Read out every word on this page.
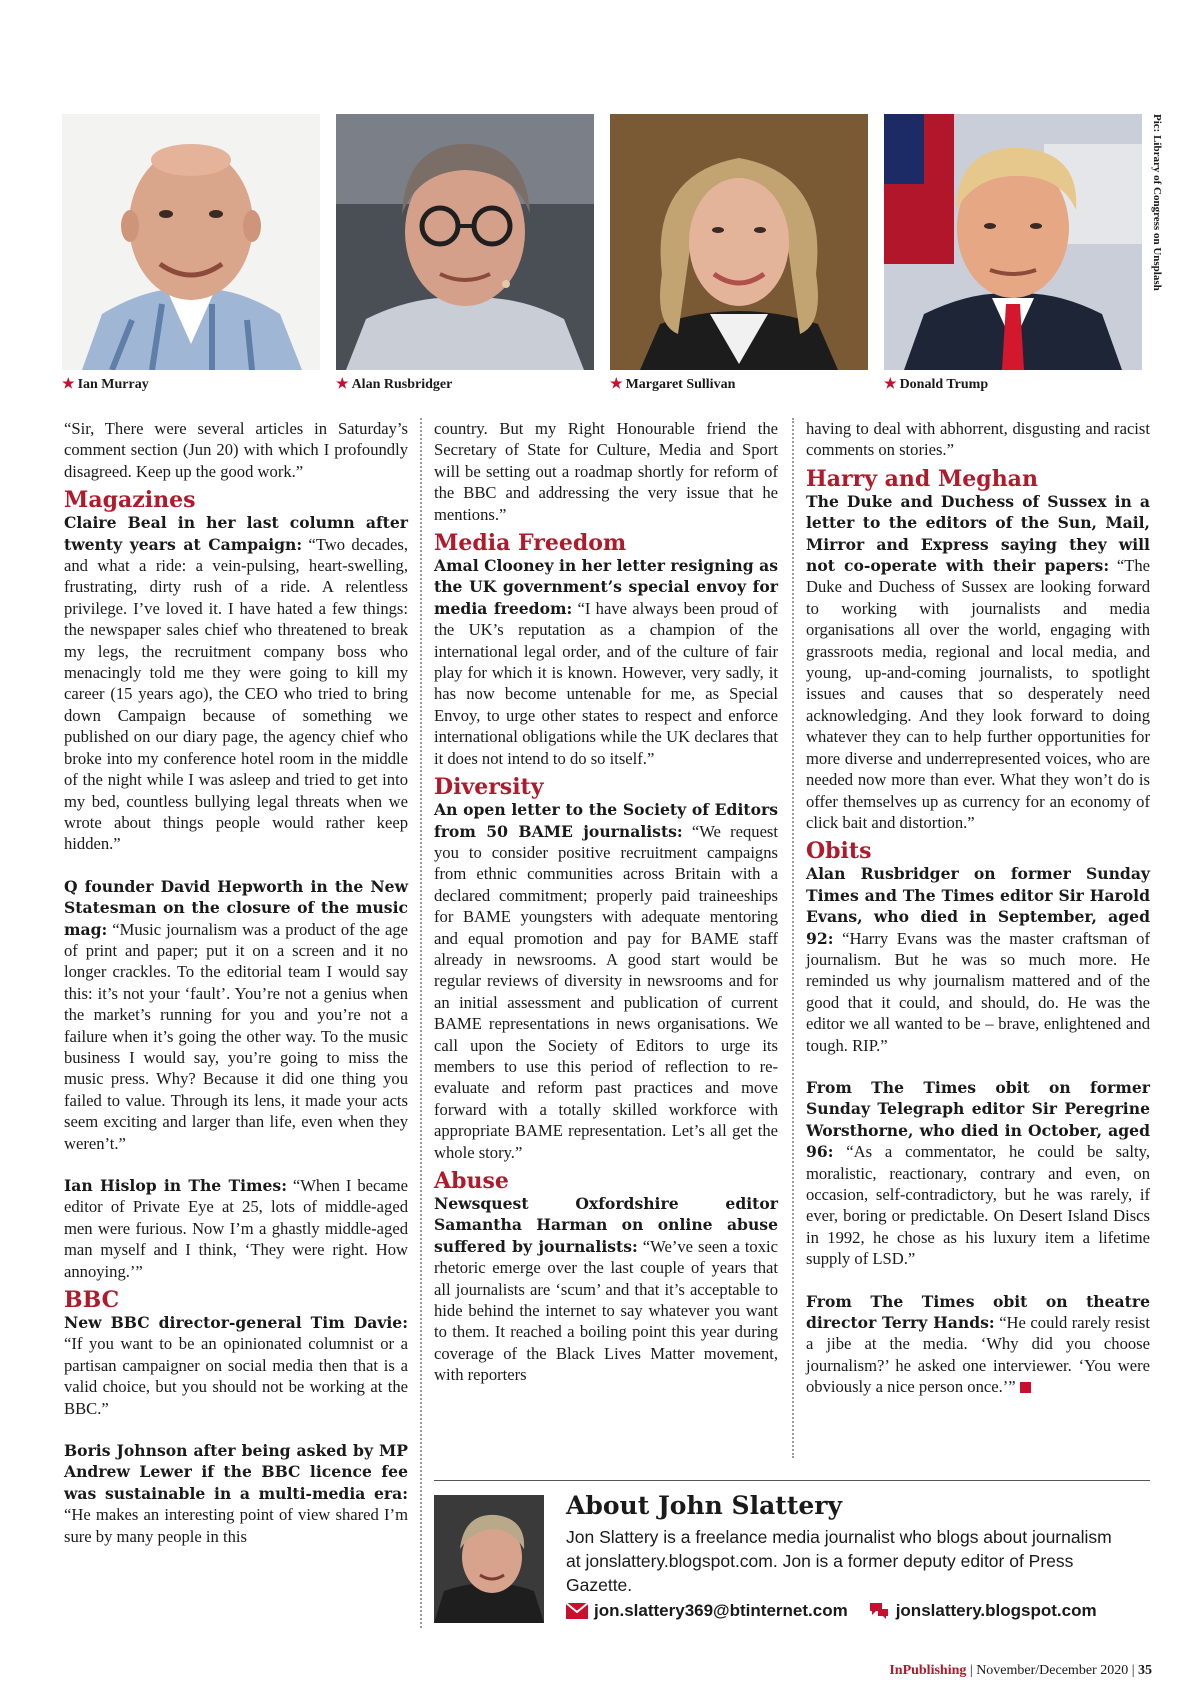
Pic: Library of Congress on Unsplash
★ Ian Murray	★ Alan Rusbridger	★ Margaret Sullivan	★ Donald Trump

“Sir, There were several articles in Saturday’s comment section (Jun 20) with which I profoundly disagreed. Keep up the good work.”

Magazines

Claire Beal in her last column after twenty years at Campaign: “Two decades, and what a ride: a vein-pulsing, heart-swelling, frustrating, dirty rush of a ride. A relentless privilege. I’ve loved it. I have hated a few things: the newspaper sales chief who threatened to break my legs, the recruitment company boss who menacingly told me they were going to kill my career (15 years ago), the CEO who tried to bring down Campaign because of something we published on our diary page, the agency chief who broke into my conference hotel room in the middle of the night while I was asleep and tried to get into my bed, countless bullying legal threats when we wrote about things people would rather keep hidden.”

Q founder David Hepworth in the New Statesman on the closure of the music mag: “Music journalism was a product of the age of print and paper; put it on a screen and it no longer crackles. To the editorial team I would say this: it’s not your ‘fault’. You’re not a genius when the market’s running for you and you’re not a failure when it’s going the other way. To the music business I would say, you’re going to miss the music press. Why? Because it did one thing you failed to value. Through its lens, it made your acts seem exciting and larger than life, even when they weren’t.”

Ian Hislop in The Times: “When I became editor of Private Eye at 25, lots of middle-aged men were furious. Now I’m a ghastly middle-aged man myself and I think, ‘They were right. How annoying.’”

BBC

New BBC director-general Tim Davie: “If you want to be an opinionated columnist or a partisan campaigner on social media then that is a valid choice, but you should not be working at the BBC.”

Boris Johnson after being asked by MP Andrew Lewer if the BBC licence fee was sustainable in a multi-media era: “He makes an interesting point of view shared I’m sure by many people in this

country. But my Right Honourable friend the Secretary of State for Culture, Media and Sport will be setting out a roadmap shortly for reform of the BBC and addressing the very issue that he mentions.”

Media Freedom

Amal Clooney in her letter resigning as the UK government’s special envoy for media freedom: “I have always been proud of the UK’s reputation as a champion of the international legal order, and of the culture of fair play for which it is known. However, very sadly, it has now become untenable for me, as Special Envoy, to urge other states to respect and enforce international obligations while the UK declares that it does not intend to do so itself.”

Diversity

An open letter to the Society of Editors from 50 BAME journalists: “We request you to consider positive recruitment campaigns from ethnic communities across Britain with a declared commitment; properly paid traineeships for BAME youngsters with adequate mentoring and equal promotion and pay for BAME staff already in newsrooms. A good start would be regular reviews of diversity in newsrooms and for an initial assessment and publication of current BAME representations in news organisations. We call upon the Society of Editors to urge its members to use this period of reflection to re-evaluate and reform past practices and move forward with a totally skilled workforce with appropriate BAME representation. Let’s all get the whole story.”

Abuse

Newsquest Oxfordshire editor Samantha Harman on online abuse suffered by journalists: “We’ve seen a toxic rhetoric emerge over the last couple of years that all journalists are ‘scum’ and that it’s acceptable to hide behind the internet to say whatever you want to them. It reached a boiling point this year during coverage of the Black Lives Matter movement, with reporters

having to deal with abhorrent, disgusting and racist comments on stories.”

Harry and Meghan

The Duke and Duchess of Sussex in a letter to the editors of the Sun, Mail, Mirror and Express saying they will not co-operate with their papers: “The Duke and Duchess of Sussex are looking forward to working with journalists and media organisations all over the world, engaging with grassroots media, regional and local media, and young, up-and-coming journalists, to spotlight issues and causes that so desperately need acknowledging. And they look forward to doing whatever they can to help further opportunities for more diverse and underrepresented voices, who are needed now more than ever. What they won’t do is offer themselves up as currency for an economy of click bait and distortion.”

Obits

Alan Rusbridger on former Sunday Times and The Times editor Sir Harold Evans, who died in September, aged 92: “Harry Evans was the master craftsman of journalism. But he was so much more. He reminded us why journalism mattered and of the good that it could, and should, do. He was the editor we all wanted to be – brave, enlightened and tough. RIP.”

From The Times obit on former Sunday Telegraph editor Sir Peregrine Worsthorne, who died in October, aged 96: “As a commentator, he could be salty, moralistic, reactionary, contrary and even, on occasion, self-contradictory, but he was rarely, if ever, boring or predictable. On Desert Island Discs in 1992, he chose as his luxury item a lifetime supply of LSD.”

From The Times obit on theatre director Terry Hands: “He could rarely resist a jibe at the media. ‘Why did you choose journalism?’ he asked one interviewer. ‘You were obviously a nice person once.’”

About John Slattery
Jon Slattery is a freelance media journalist who blogs about journalism at jonslattery.blogspot.com. Jon is a former deputy editor of Press Gazette.
jon.slattery369@btinternet.com	jonslattery.blogspot.com
InPublishing | November/December 2020 | 35
